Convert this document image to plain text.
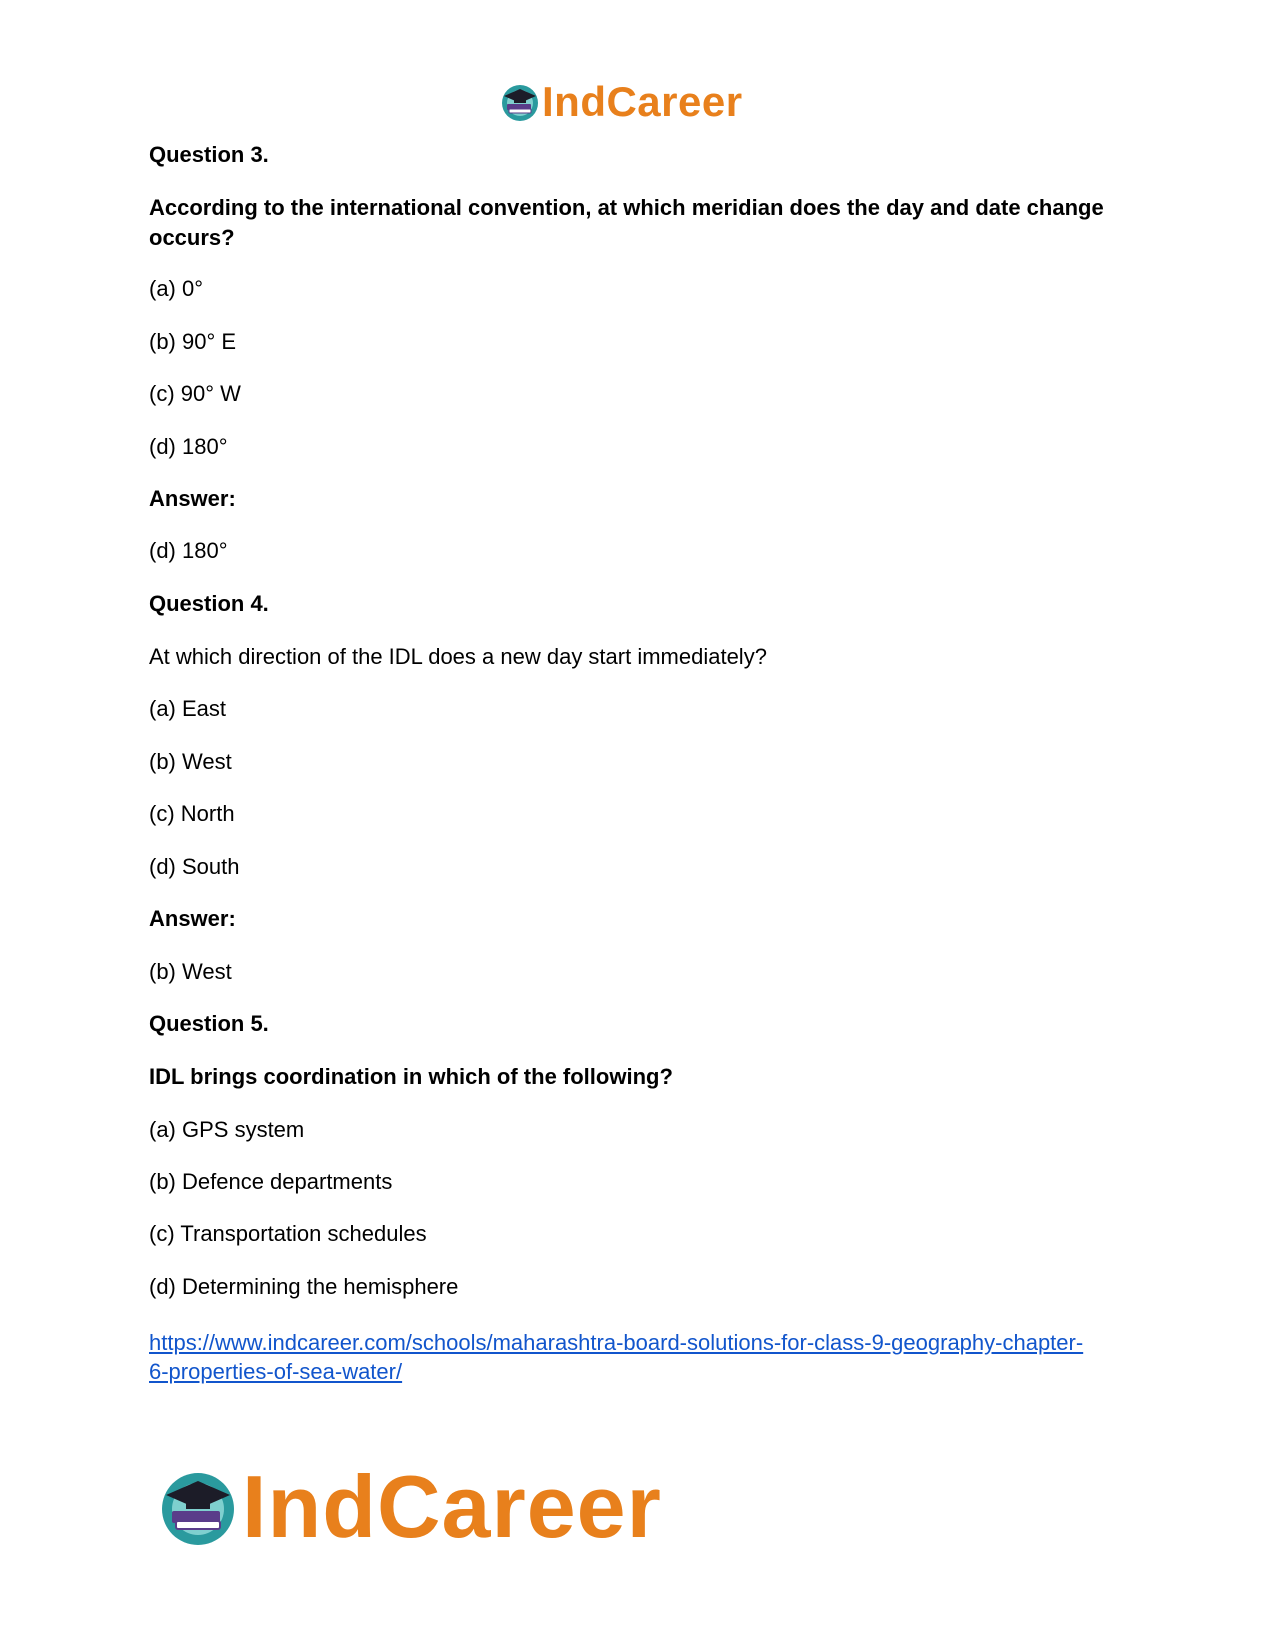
IndCareer
Question 3.
According to the international convention, at which meridian does the day and date change occurs?
(a) 0°
(b) 90° E
(c) 90° W
(d) 180°
Answer:
(d) 180°
Question 4.
At which direction of the IDL does a new day start immediately?
(a) East
(b) West
(c) North
(d) South
Answer:
(b) West
Question 5.
IDL brings coordination in which of the following?
(a) GPS system
(b) Defence departments
(c) Transportation schedules
(d) Determining the hemisphere
https://www.indcareer.com/schools/maharashtra-board-solutions-for-class-9-geography-chapter-
6-properties-of-sea-water/
IndCareer
